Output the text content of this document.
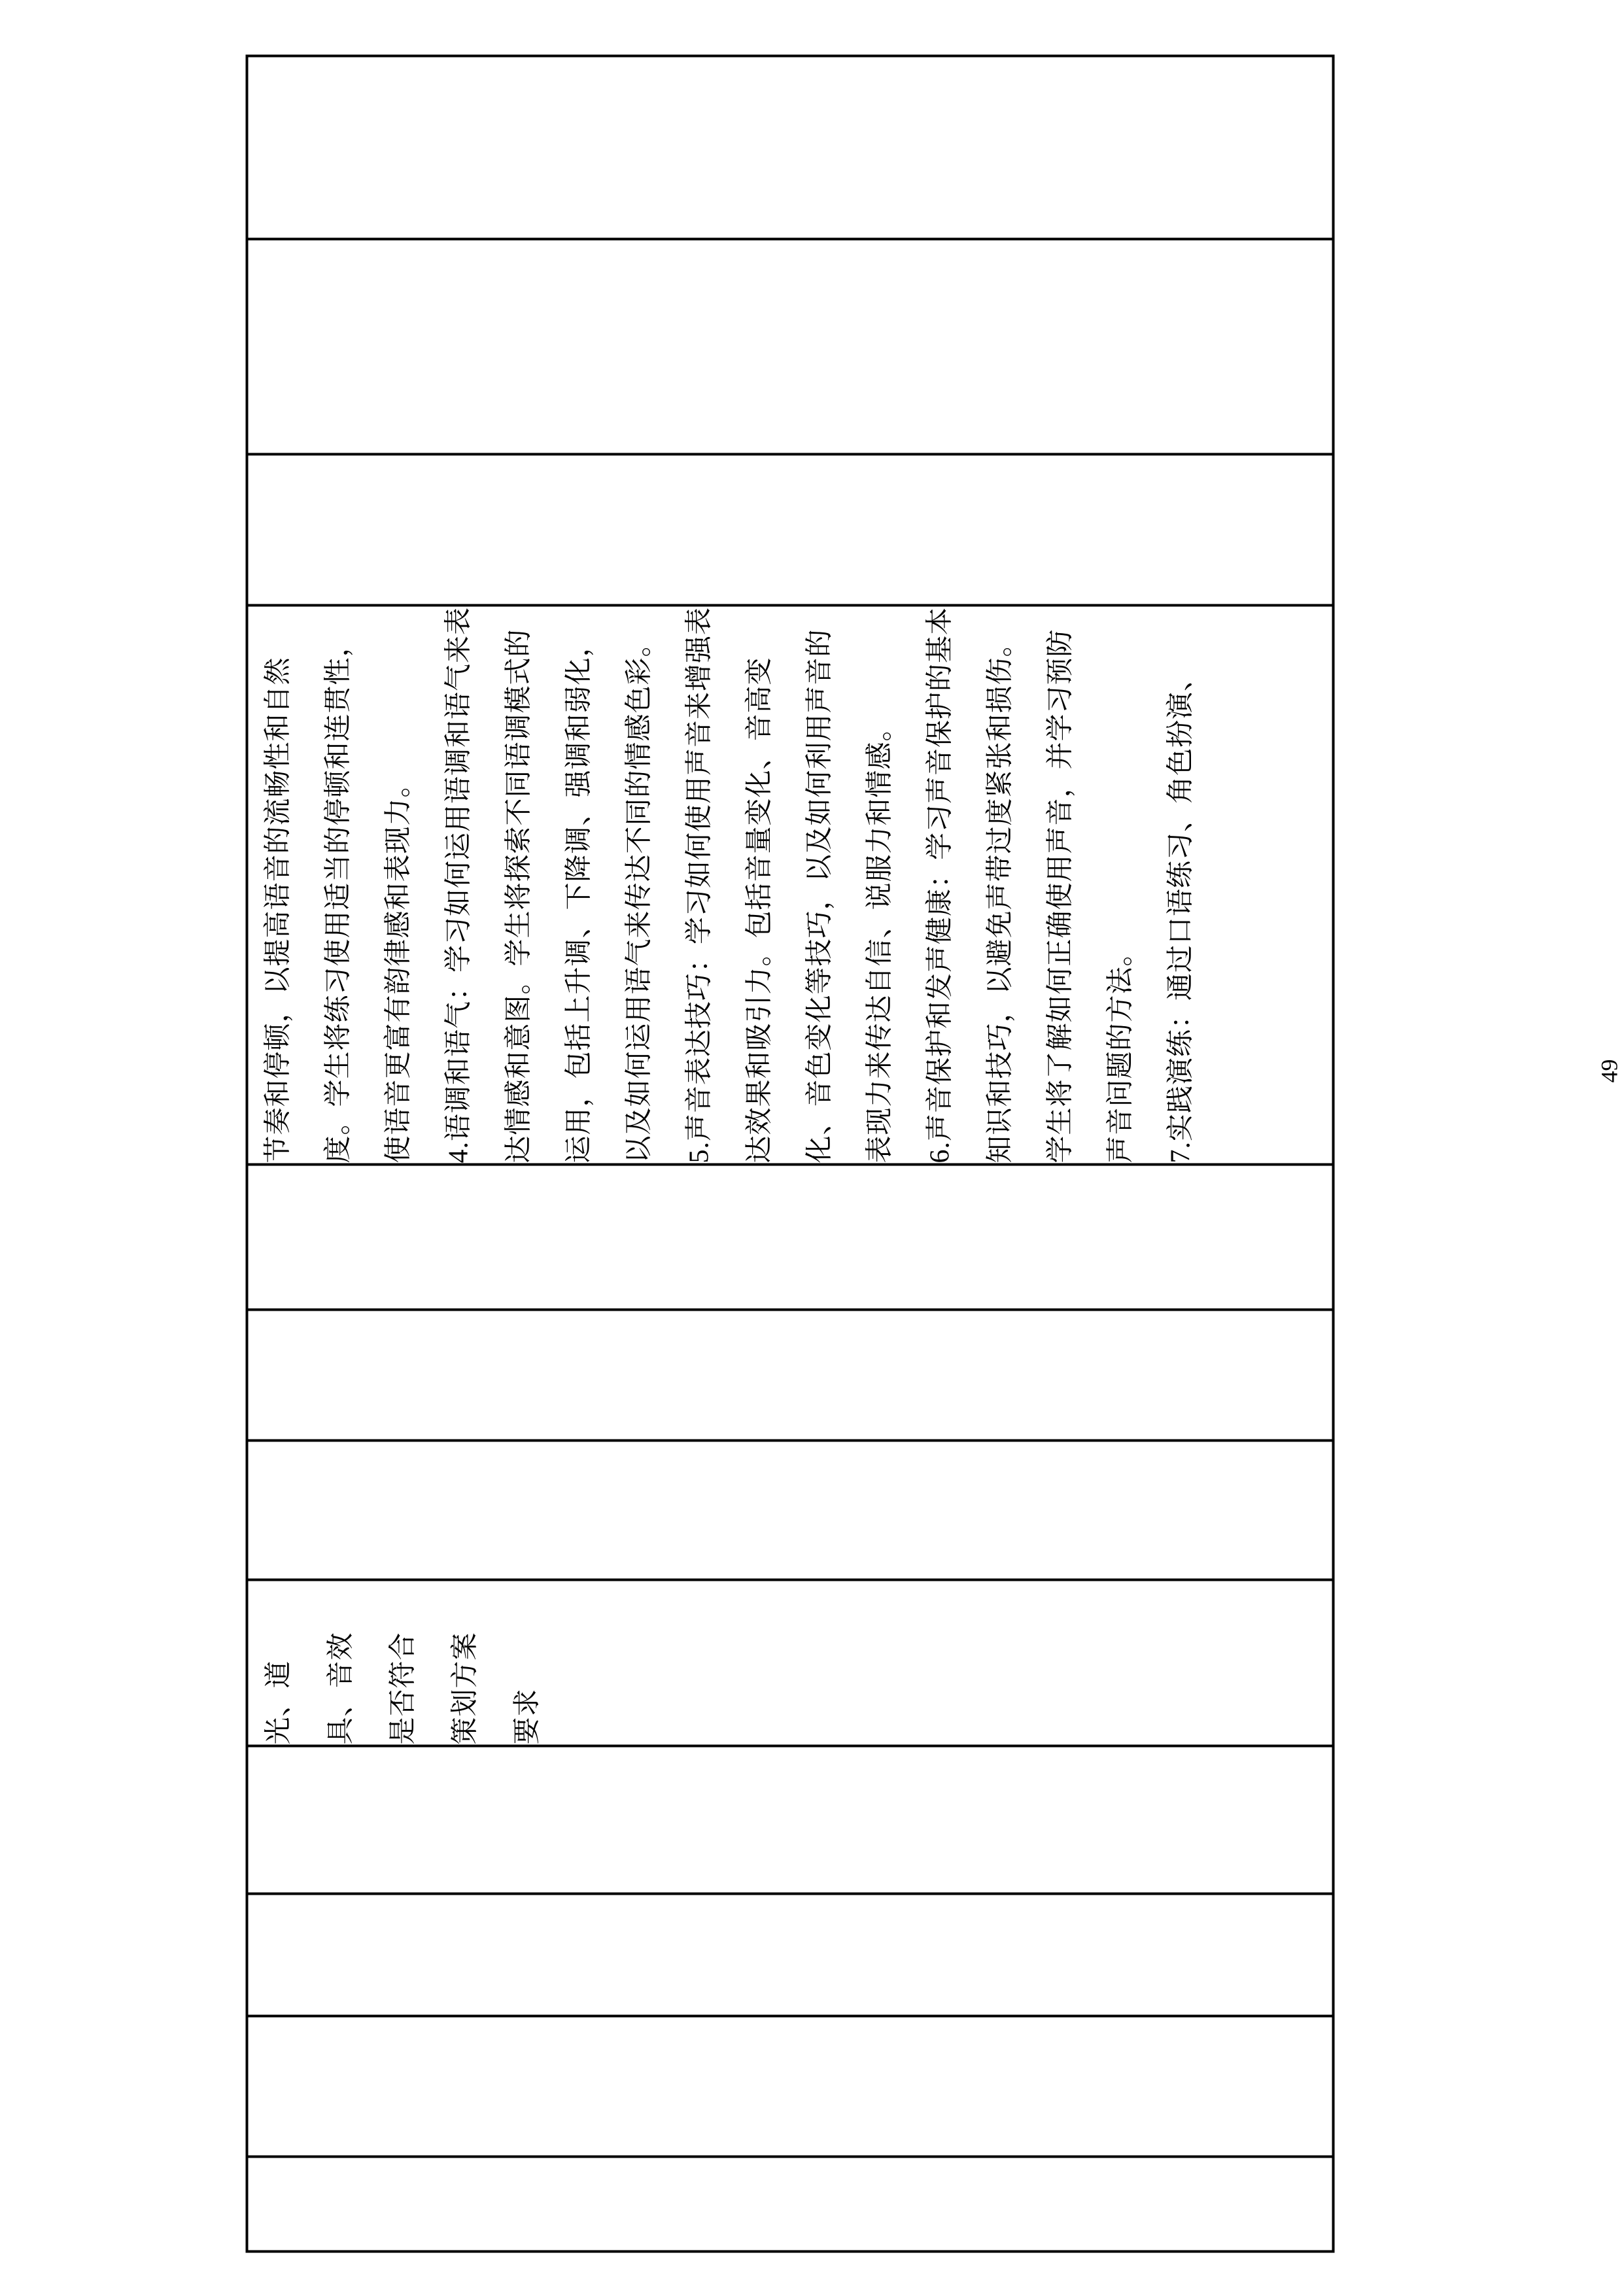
光、道具、音效是否符合策划方案要求

节奏和停顿，以提高语音的流畅性和自然度。学生将练习使用适当的停顿和连贯性，使语音更富有韵律感和表现力。	4.语调和语气：学习如何运用语调和语气来表达情感和意图。学生将探索不同语调模式的运用，包括上升调、下降调、强调和弱化，以及如何运用语气来传达不同的情感色彩。	5.声音表达技巧：学习如何使用声音来增强表达效果和吸引力。包括音量变化、音高变化、音色变化等技巧，以及如何利用声音的表现力来传达自信、说服力和情感。	6.声音保护和发声健康：学习声音保护的基本知识和技巧，以避免声带过度紧张和损伤。学生将了解如何正确使用声音，并学习预防声音问题的方法。	7.实践演练：通过口语练习、角色扮演、

				49
